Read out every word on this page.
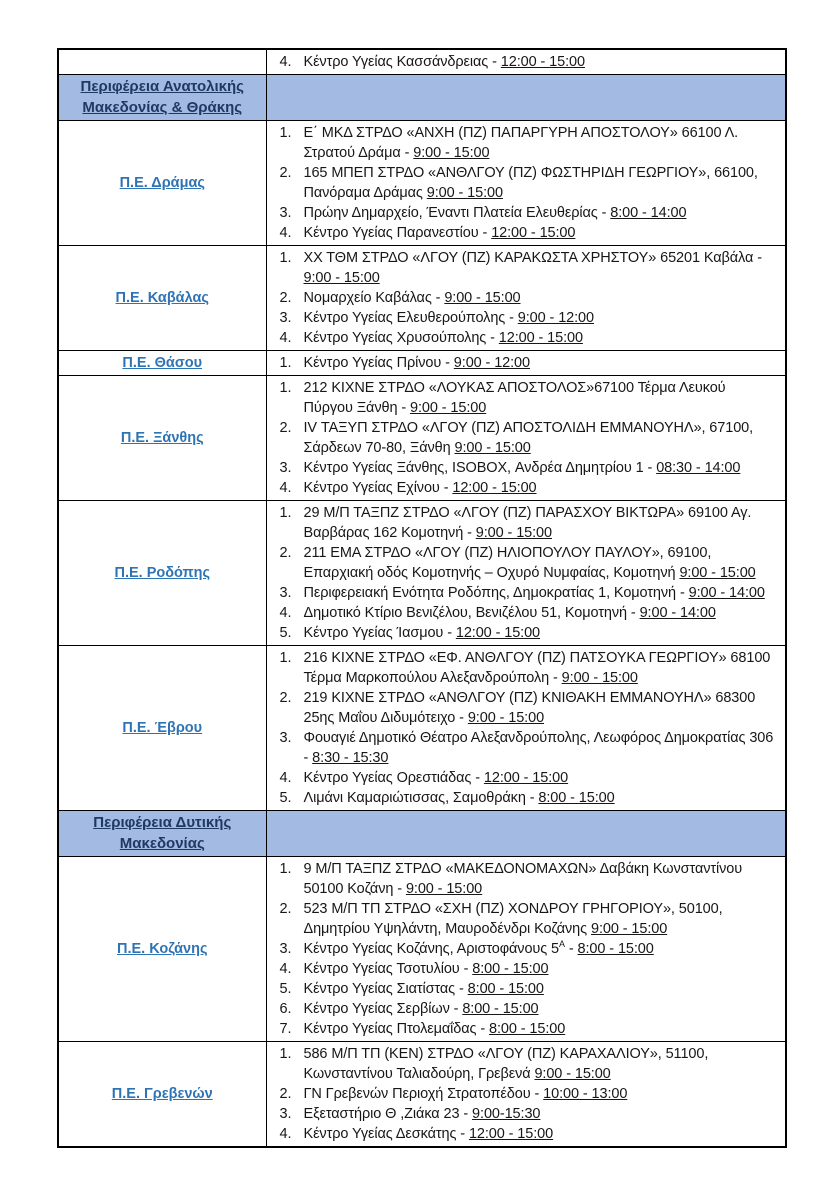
	4. Κέντρο Υγείας Κασσάνδρειας - 12:00 - 15:00

Περιφέρεια Ανατολικής Μακεδονίας & Θράκης	
Π.Ε. Δράμας	
1. Ε΄ ΜΚΔ ΣΤΡΔΟ «ΑΝΧΗ (ΠΖ) ΠΑΠΑΡΓΥΡΗ ΑΠΟΣΤΟΛΟΥ» 66100 Λ. Στρατού Δράμα - 9:00 - 15:00
2. 165 ΜΠΕΠ ΣΤΡΔΟ «ΑΝΘΛΓΟΥ (ΠΖ) ΦΩΣΤΗΡΙΔΗ ΓΕΩΡΓΙΟΥ», 66100, Πανόραμα Δράμας 9:00 - 15:00
3. Πρώην Δημαρχείο, Έναντι Πλατεία Ελευθερίας - 8:00 - 14:00
4. Κέντρο Υγείας Παρανεστίου - 12:00 - 15:00

Π.Ε. Καβάλας	
1. ΧΧ ΤΘΜ ΣΤΡΔΟ «ΛΓΟΥ (ΠΖ) ΚΑΡΑΚΩΣΤΑ ΧΡΗΣΤΟΥ» 65201 Καβάλα - 9:00 - 15:00
2. Νομαρχείο Καβάλας - 9:00 - 15:00
3. Κέντρο Υγείας Ελευθερούπολης - 9:00 - 12:00
4. Κέντρο Υγείας Χρυσούπολης - 12:00 - 15:00

Π.Ε. Θάσου	1. Κέντρο Υγείας Πρίνου - 9:00 - 12:00

Π.Ε. Ξάνθης	
1. 212 ΚΙΧΝΕ ΣΤΡΔΟ «ΛΟΥΚΑΣ ΑΠΟΣΤΟΛΟΣ»67100 Τέρμα Λευκού Πύργου Ξάνθη - 9:00 - 15:00
2. IV ΤΑΞΥΠ ΣΤΡΔΟ «ΛΓΟΥ (ΠΖ) ΑΠΟΣΤΟΛΙΔΗ ΕΜΜΑΝΟΥΗΛ», 67100, Σάρδεων 70-80, Ξάνθη 9:00 - 15:00
3. Κέντρο Υγείας Ξάνθης, ISOBOX, Ανδρέα Δημητρίου 1 - 08:30 - 14:00
4. Κέντρο Υγείας Εχίνου - 12:00 - 15:00

Π.Ε. Ροδόπης	
1. 29 Μ/Π ΤΑΞΠΖ ΣΤΡΔΟ «ΛΓΟΥ (ΠΖ) ΠΑΡΑΣΧΟΥ ΒΙΚΤΩΡΑ» 69100 Αγ. Βαρβάρας 162 Κομοτηνή - 9:00 - 15:00
2. 211 ΕΜΑ ΣΤΡΔΟ «ΛΓΟΥ (ΠΖ) ΗΛΙΟΠΟΥΛΟΥ ΠΑΥΛΟΥ», 69100, Επαρχιακή οδός Κομοτηνής – Οχυρό Νυμφαίας, Κομοτηνή 9:00 - 15:00
3. Περιφερειακή Ενότητα Ροδόπης, Δημοκρατίας 1, Κομοτηνή - 9:00 - 14:00
4. Δημοτικό Κτίριο Βενιζέλου, Βενιζέλου 51, Κομοτηνή - 9:00 - 14:00
5. Κέντρο Υγείας Ίασμου - 12:00 - 15:00

Π.Ε. Έβρου	
1. 216 ΚΙΧΝΕ ΣΤΡΔΟ «ΕΦ. ΑΝΘΛΓΟΥ (ΠΖ) ΠΑΤΣΟΥΚΑ ΓΕΩΡΓΙΟΥ» 68100 Τέρμα Μαρκοπούλου Αλεξανδρούπολη - 9:00 - 15:00
2. 219 ΚΙΧΝΕ ΣΤΡΔΟ «ΑΝΘΛΓΟΥ (ΠΖ) ΚΝΙΘΑΚΗ ΕΜΜΑΝΟΥΗΛ» 68300 25ης Μαΐου Διδυμότειχο - 9:00 - 15:00
3. Φουαγιέ Δημοτικό Θέατρο Αλεξανδρούπολης, Λεωφόρος Δημοκρατίας 306 - 8:30 - 15:30
4. Κέντρο Υγείας Ορεστιάδας - 12:00 - 15:00
5. Λιμάνι Καμαριώτισσας, Σαμοθράκη - 8:00 - 15:00

Περιφέρεια Δυτικής Μακεδονίας	
Π.Ε. Κοζάνης	
1. 9 Μ/Π ΤΑΞΠΖ ΣΤΡΔΟ «ΜΑΚΕΔΟΝΟΜΑΧΩΝ» Δαβάκη Κωνσταντίνου 50100 Κοζάνη - 9:00 - 15:00
2. 523 Μ/Π ΤΠ ΣΤΡΔΟ «ΣΧΗ (ΠΖ) ΧΟΝΔΡΟΥ ΓΡΗΓΟΡΙΟΥ», 50100, Δημητρίου Υψηλάντη, Μαυροδένδρι Κοζάνης 9:00 - 15:00
3. Κέντρο Υγείας Κοζάνης, Αριστοφάνους $5^A$ - 8:00 - 15:00
4. Κέντρο Υγείας Τσοτυλίου - 8:00 - 15:00
5. Κέντρο Υγείας Σιατίστας - 8:00 - 15:00
6. Κέντρο Υγείας Σερβίων - 8:00 - 15:00
7. Κέντρο Υγείας Πτολεμαΐδας - 8:00 - 15:00

Π.Ε. Γρεβενών	
1. 586 Μ/Π ΤΠ (ΚΕΝ) ΣΤΡΔΟ «ΛΓΟΥ (ΠΖ) ΚΑΡΑΧΑΛΙΟΥ», 51100, Κωνσταντίνου Ταλιαδούρη, Γρεβενά 9:00 - 15:00
2. ΓΝ Γρεβενών Περιοχή Στρατοπέδου - 10:00 - 13:00
3. Εξεταστήριο Θ ,Ζιάκα 23 - 9:00-15:30
4. Κέντρο Υγείας Δεσκάτης - 12:00 - 15:00
